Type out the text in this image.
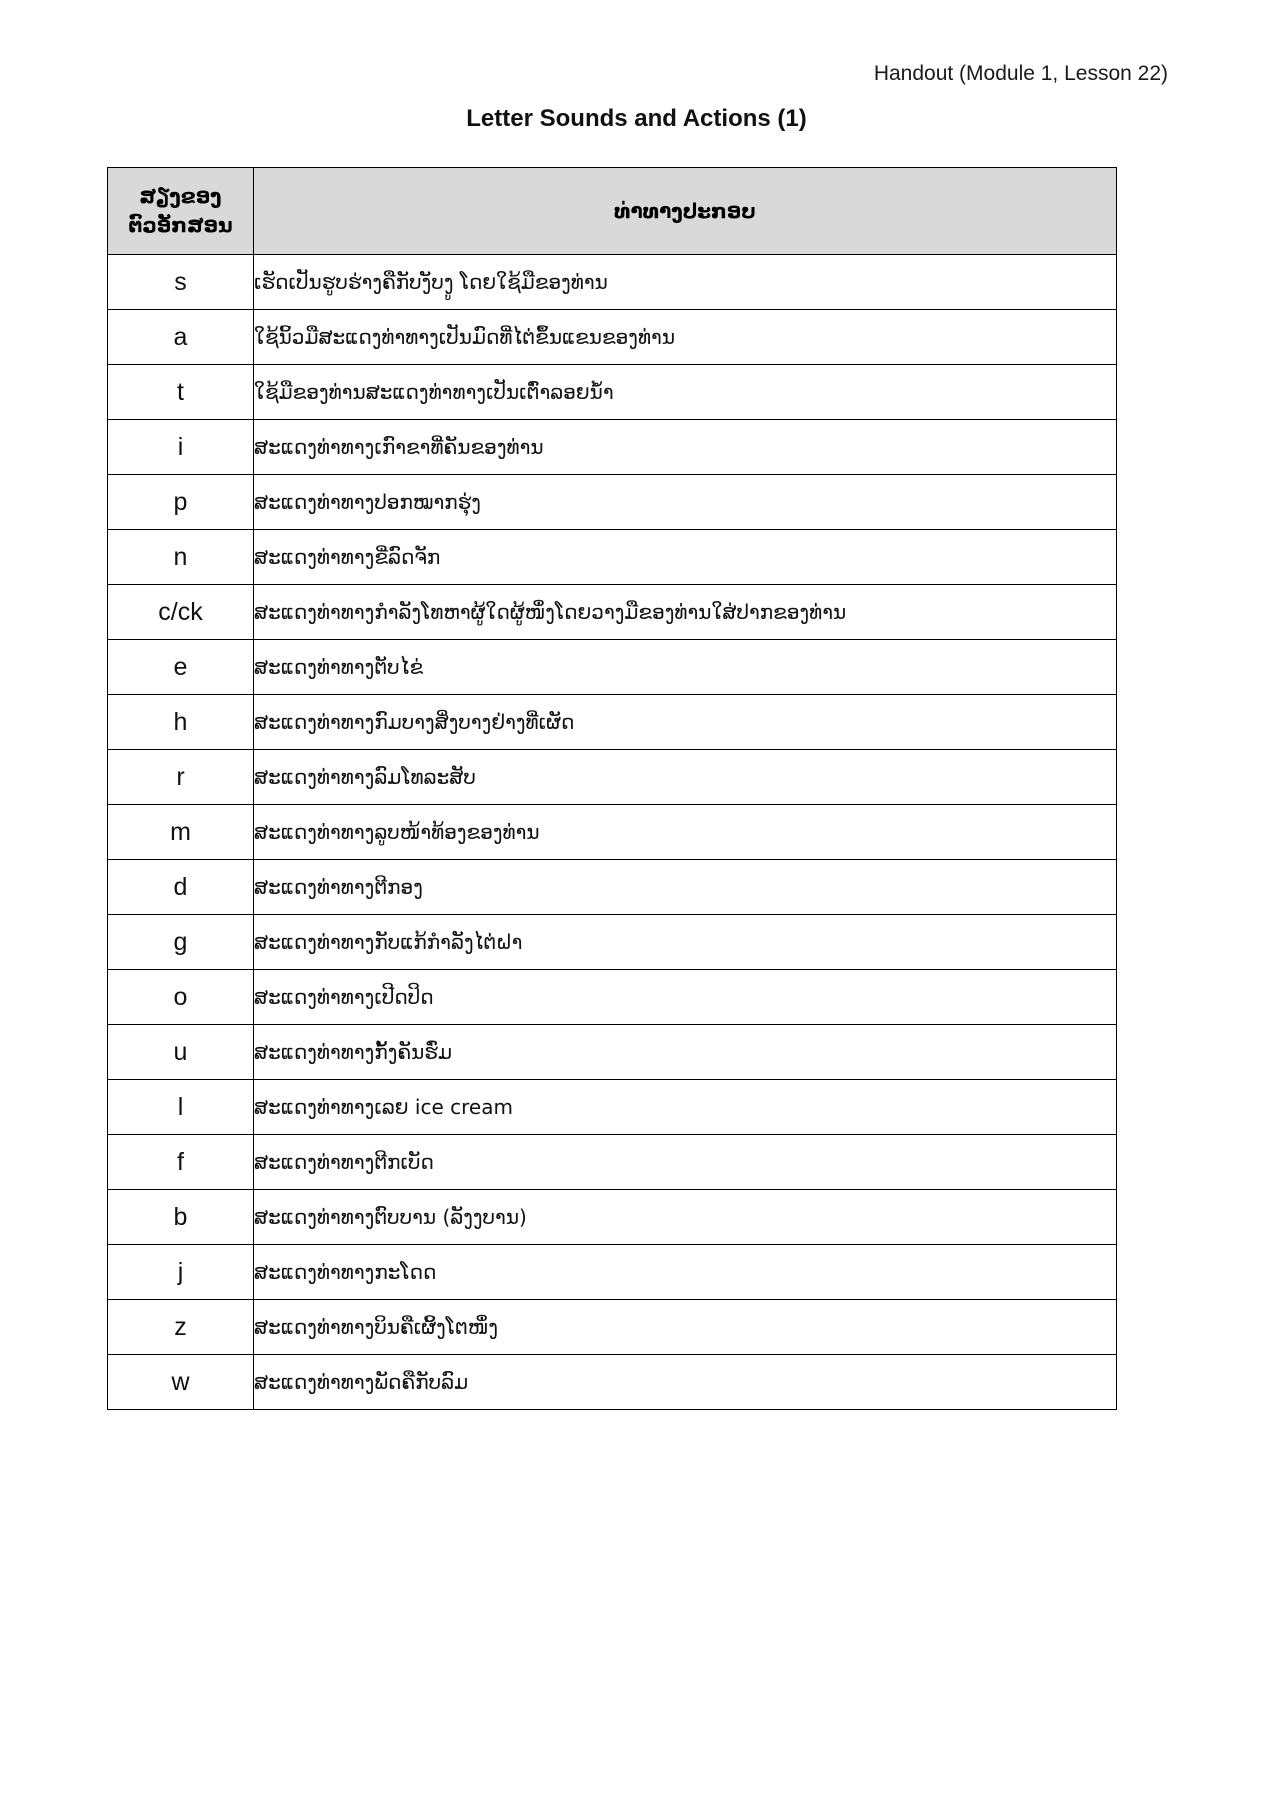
Handout (Module 1, Lesson 22)
Letter Sounds and Actions (1)
ສຽງຂອງ
ຕົວອັກສອນ	ທ່າທາງປະກອບ
s	ເຮັດເປັນຮູບຮ່າງຄືກັບງັບງູ ໂດຍໃຊ້ມືຂອງທ່ານ
a	ໃຊ້ນິ້ວມືສະແດງທ່າທາງເປັນມົດທີ່ໄຕ່ຂຶ້ນແຂນຂອງທ່ານ
t	ໃຊ້ມືຂອງທ່ານສະແດງທ່າທາງເປັນເຕົ່າລອຍນ້ຳ
i	ສະແດງທ່າທາງເກົາຂາທີ່ຄັນຂອງທ່ານ
p	ສະແດງທ່າທາງປອກໝາກຮຸ່ງ
n	ສະແດງທ່າທາງຂີ່ລົດຈັກ
c/ck	ສະແດງທ່າທາງກຳລັງໂທຫາຜູ້ໃດຜູ້ໜຶ່ງໂດຍວາງມືຂອງທ່ານໃສ່ປາກຂອງທ່ານ
e	ສະແດງທ່າທາງຕັບໄຂ່
h	ສະແດງທ່າທາງກົມບາງສິ່ງບາງຢ່າງທີ່ເຜັດ
r	ສະແດງທ່າທາງລົມໂທລະສັບ
m	ສະແດງທ່າທາງລູບໜ້າທ້ອງຂອງທ່ານ
d	ສະແດງທ່າທາງຕີກອງ
g	ສະແດງທ່າທາງກັບແກ້ກຳລັງໄຕ່ຝາ
o	ສະແດງທ່າທາງເປີດປິດ
u	ສະແດງທ່າທາງກັ້ງຄັນຮົ່ມ
l	ສະແດງທ່າທາງເລຍ ice cream
f	ສະແດງທ່າທາງຕີກເບັດ
b	ສະແດງທ່າທາງຕົບບານ (ລັງງບານ)
j	ສະແດງທ່າທາງກະໂດດ
z	ສະແດງທ່າທາງບິນຄືເຜິ້ງໂຕໜຶ່ງ
w	ສະແດງທ່າທາງພັດຄືກັບລົມ
